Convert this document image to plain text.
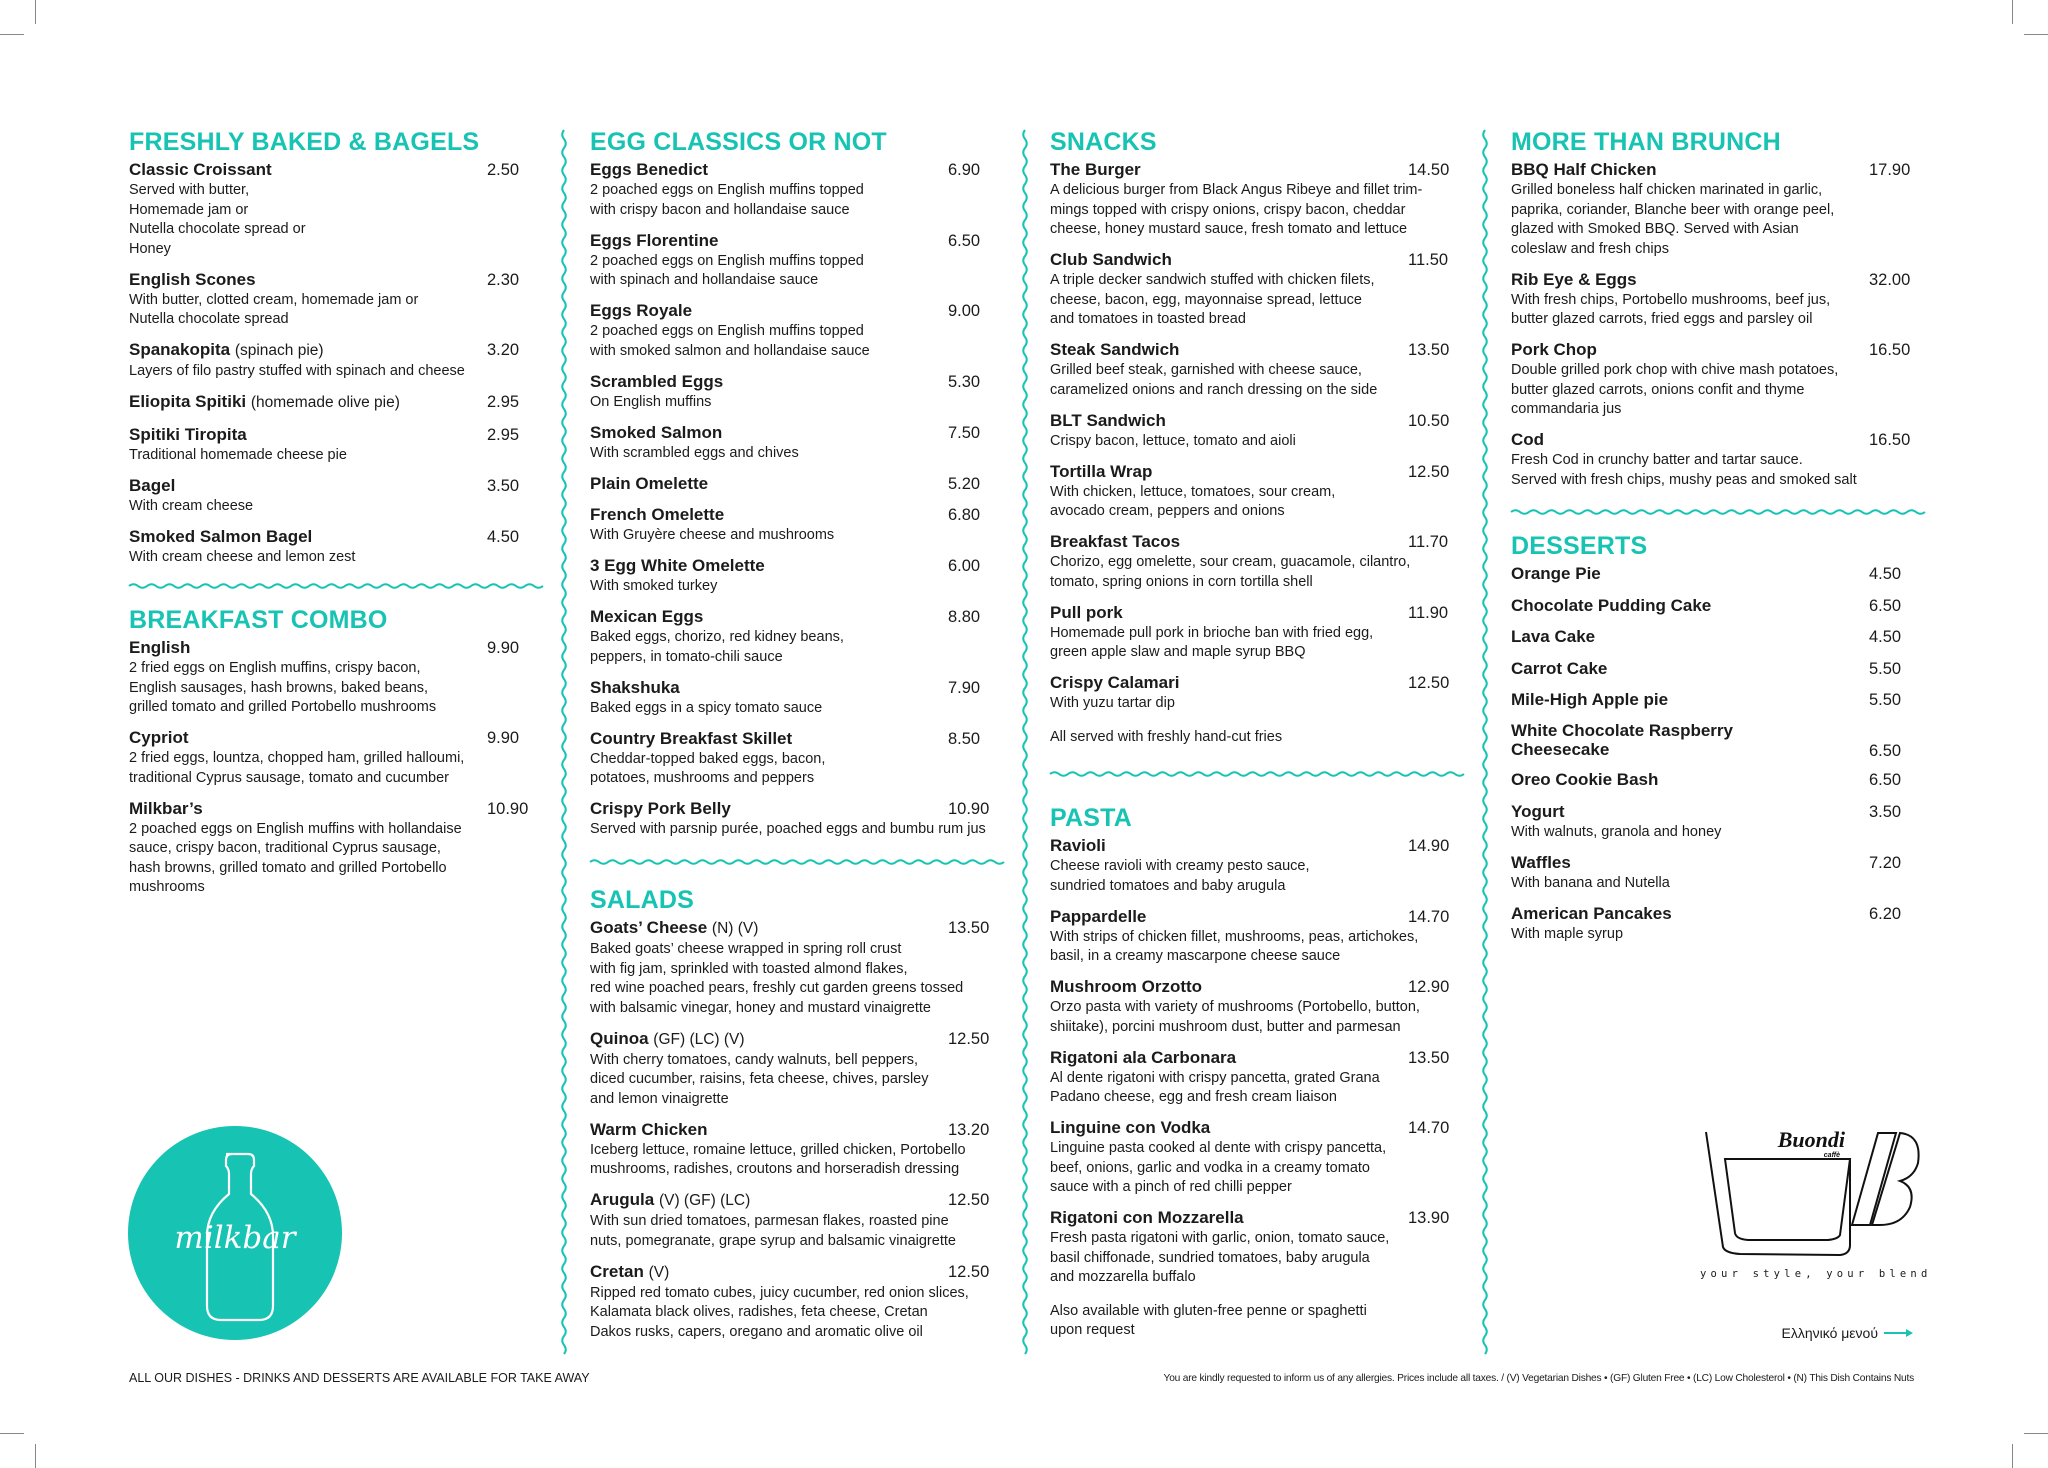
FRESHLY BAKED & BAGELS
Classic Croissant	2.50
Served with butter,
Homemade jam or
Nutella chocolate spread or
Honey
English Scones	2.30
With butter, clotted cream, homemade jam or
Nutella chocolate spread
Spanakopita (spinach pie)	3.20
Layers of filo pastry stuffed with spinach and cheese
Eliopita Spitiki (homemade olive pie)	2.95
Spitiki Tiropita	2.95
Traditional homemade cheese pie
Bagel	3.50
With cream cheese
Smoked Salmon Bagel	4.50
With cream cheese and lemon zest
BREAKFAST COMBO
English	9.90
2 fried eggs on English muffins, crispy bacon,
English sausages, hash browns, baked beans,
grilled tomato and grilled Portobello mushrooms
Cypriot	9.90
2 fried eggs, lountza, chopped ham, grilled halloumi,
traditional Cyprus sausage, tomato and cucumber
Milkbar’s	10.90
2 poached eggs on English muffins with hollandaise
sauce, crispy bacon, traditional Cyprus sausage,
hash browns, grilled tomato and grilled Portobello
mushrooms
EGG CLASSICS OR NOT
Eggs Benedict	6.90
2 poached eggs on English muffins topped
with crispy bacon and hollandaise sauce
Eggs Florentine	6.50
2 poached eggs on English muffins topped
with spinach and hollandaise sauce
Eggs Royale	9.00
2 poached eggs on English muffins topped
with smoked salmon and hollandaise sauce
Scrambled Eggs	5.30
On English muffins
Smoked Salmon	7.50
With scrambled eggs and chives
Plain Omelette	5.20
French Omelette	6.80
With Gruyère cheese and mushrooms
3 Egg White Omelette	6.00
With smoked turkey
Mexican Eggs	8.80
Baked eggs, chorizo, red kidney beans,
peppers, in tomato-chili sauce
Shakshuka	7.90
Baked eggs in a spicy tomato sauce
Country Breakfast Skillet	8.50
Cheddar-topped baked eggs, bacon,
potatoes, mushrooms and peppers
Crispy Pork Belly	10.90
Served with parsnip purée, poached eggs and bumbu rum jus
SALADS
Goats’ Cheese (N) (V)	13.50
Baked goats’ cheese wrapped in spring roll crust
with fig jam, sprinkled with toasted almond flakes,
red wine poached pears, freshly cut garden greens tossed
with balsamic vinegar, honey and mustard vinaigrette
Quinoa (GF) (LC) (V)	12.50
With cherry tomatoes, candy walnuts, bell peppers,
diced cucumber, raisins, feta cheese, chives, parsley
and lemon vinaigrette
Warm Chicken	13.20
Iceberg lettuce, romaine lettuce, grilled chicken, Portobello
mushrooms, radishes, croutons and horseradish dressing
Arugula (V) (GF) (LC)	12.50
With sun dried tomatoes, parmesan flakes, roasted pine
nuts, pomegranate, grape syrup and balsamic vinaigrette
Cretan (V)	12.50
Ripped red tomato cubes, juicy cucumber, red onion slices,
Kalamata black olives, radishes, feta cheese, Cretan
Dakos rusks, capers, oregano and aromatic olive oil
SNACKS
The Burger	14.50
A delicious burger from Black Angus Ribeye and fillet trim-
mings topped with crispy onions, crispy bacon, cheddar
cheese, honey mustard sauce, fresh tomato and lettuce
Club Sandwich	11.50
A triple decker sandwich stuffed with chicken filets,
cheese, bacon, egg, mayonnaise spread, lettuce
and tomatoes in toasted bread
Steak Sandwich	13.50
Grilled beef steak, garnished with cheese sauce,
caramelized onions and ranch dressing on the side
BLT Sandwich	10.50
Crispy bacon, lettuce, tomato and aioli
Tortilla Wrap	12.50
With chicken, lettuce, tomatoes, sour cream,
avocado cream, peppers and onions
Breakfast Tacos	11.70
Chorizo, egg omelette, sour cream, guacamole, cilantro,
tomato, spring onions in corn tortilla shell
Pull pork	11.90
Homemade pull pork in brioche ban with fried egg,
green apple slaw and maple syrup BBQ
Crispy Calamari	12.50
With yuzu tartar dip
All served with freshly hand-cut fries
PASTA
Ravioli	14.90
Cheese ravioli with creamy pesto sauce,
sundried tomatoes and baby arugula
Pappardelle	14.70
With strips of chicken fillet, mushrooms, peas, artichokes,
basil, in a creamy mascarpone cheese sauce
Mushroom Orzotto	12.90
Orzo pasta with variety of mushrooms (Portobello, button,
shiitake), porcini mushroom dust, butter and parmesan
Rigatoni ala Carbonara	13.50
Al dente rigatoni with crispy pancetta, grated Grana
Padano cheese, egg and fresh cream liaison
Linguine con Vodka	14.70
Linguine pasta cooked al dente with crispy pancetta,
beef, onions, garlic and vodka in a creamy tomato
sauce with a pinch of red chilli pepper
Rigatoni con Mozzarella	13.90
Fresh pasta rigatoni with garlic, onion, tomato sauce,
basil chiffonade, sundried tomatoes, baby arugula
and mozzarella buffalo
Also available with gluten-free penne or spaghetti
upon request
MORE THAN BRUNCH
BBQ Half Chicken	17.90
Grilled boneless half chicken marinated in garlic,
paprika, coriander, Blanche beer with orange peel,
glazed with Smoked BBQ. Served with Asian
coleslaw and fresh chips
Rib Eye & Eggs	32.00
With fresh chips, Portobello mushrooms, beef jus,
butter glazed carrots, fried eggs and parsley oil
Pork Chop	16.50
Double grilled pork chop with chive mash potatoes,
butter glazed carrots, onions confit and thyme
commandaria jus
Cod	16.50
Fresh Cod in crunchy batter and tartar sauce.
Served with fresh chips, mushy peas and smoked salt
DESSERTS
Orange Pie	4.50
Chocolate Pudding Cake	6.50
Lava Cake	4.50
Carrot Cake	5.50
Mile-High Apple pie	5.50
White Chocolate Raspberry
Cheesecake	6.50
Oreo Cookie Bash	6.50
Yogurt	3.50
With walnuts, granola and honey
Waffles	7.20
With banana and Nutella
American Pancakes	6.20
With maple syrup
milkbar
Buondi
caffè
your style, your blend
Ελληνικό μενού
ALL OUR DISHES - DRINKS AND DESSERTS ARE AVAILABLE FOR TAKE AWAY	You are kindly requested to inform us of any allergies. Prices include all taxes. / (V) Vegetarian Dishes • (GF) Gluten Free • (LC) Low Cholesterol • (N) This Dish Contains Nuts
